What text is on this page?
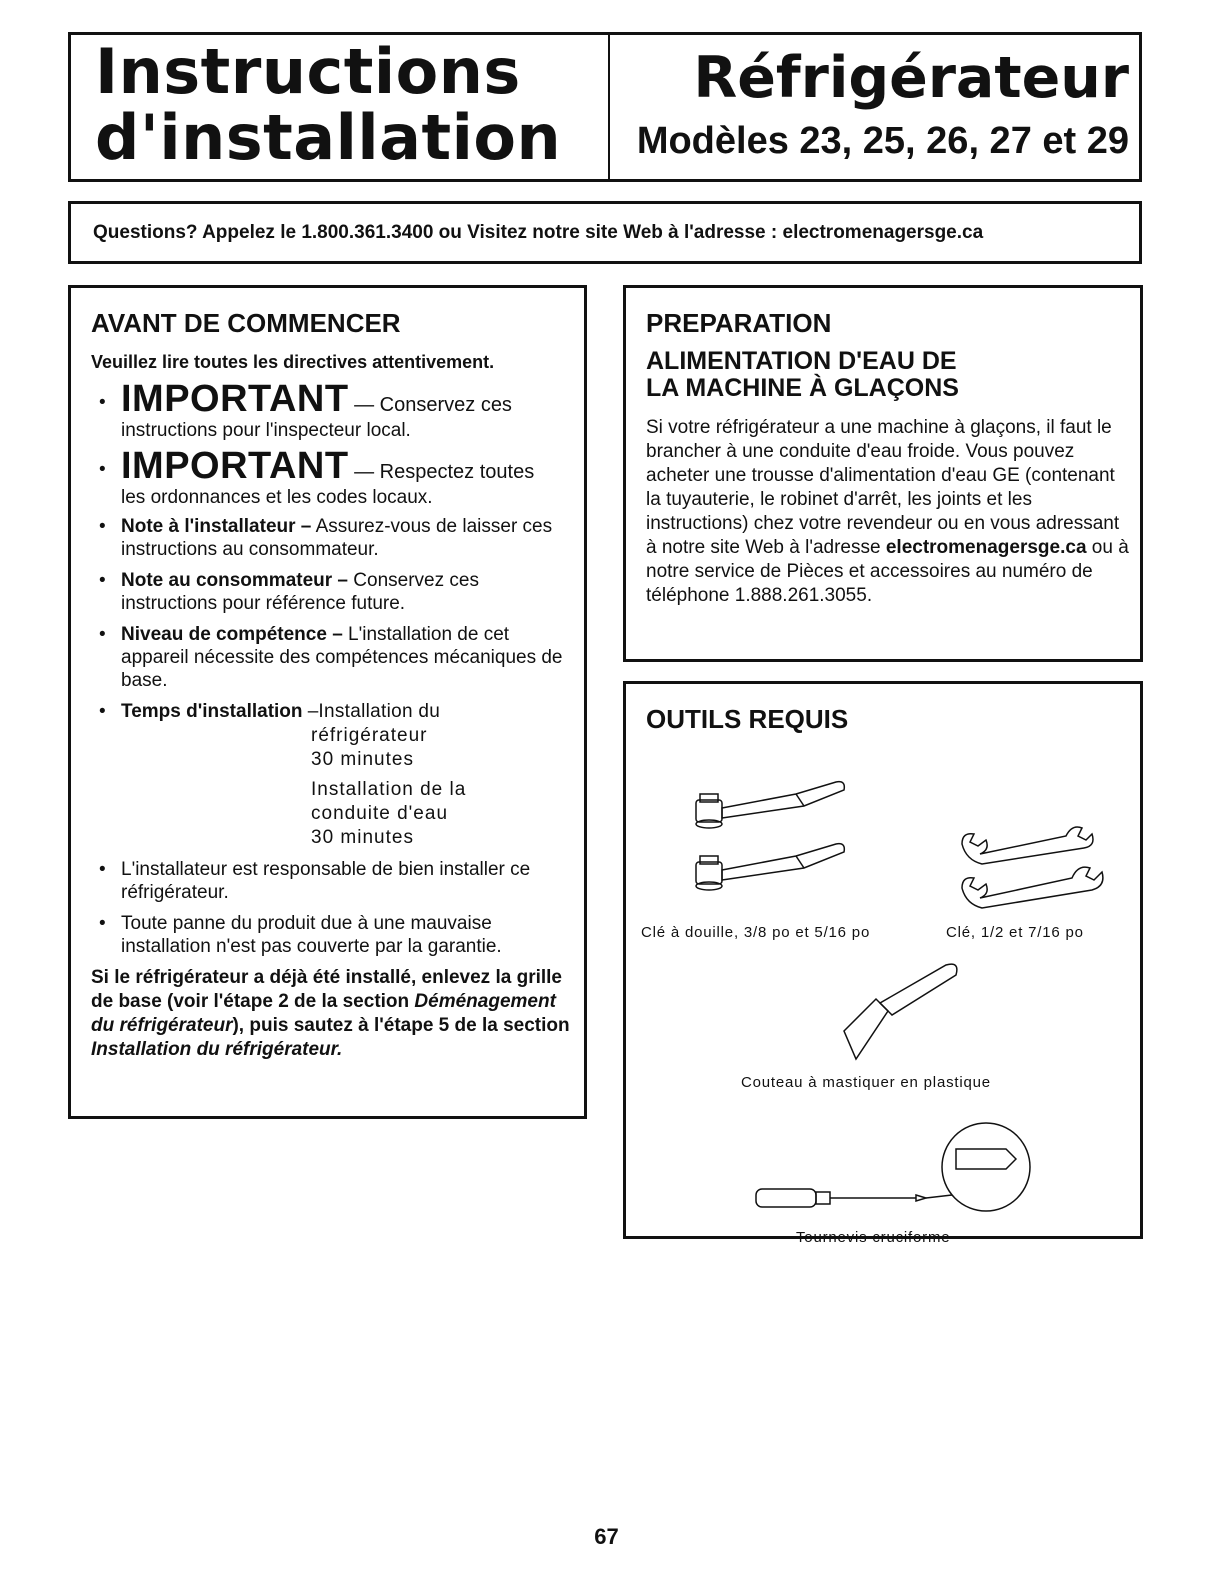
Instructions

d'installation

Réfrigérateur

Modèles 23, 25, 26, 27 et 29

Questions? Appelez le 1.800.361.3400 ou Visitez notre site Web à l'adresse : electromenagersge.ca

AVANT DE COMMENCER

Veuillez lire toutes les directives attentivement.

• IMPORTANT — Conservez ces
instructions pour l'inspecteur local.
• IMPORTANT — Respectez toutes
les ordonnances et les codes locaux.
• Note à l'installateur – Assurez-vous de laisser ces instructions au consommateur.
• Note au consommateur – Conservez ces instructions pour référence future.
• Niveau de compétence – L'installation de cet appareil nécessite des compétences mécaniques de base.
• Temps d'installation – Installation du

réfrigérateur

30 minutes

Installation de la

conduite d'eau

30 minutes

• L'installateur est responsable de bien installer ce réfrigérateur.
• Toute panne du produit due à une mauvaise installation n'est pas couverte par la garantie.

Si le réfrigérateur a déjà été installé, enlevez la grille de base (voir l'étape 2 de la section Déménagement du réfrigérateur), puis sautez à l'étape 5 de la section Installation du réfrigérateur.

PREPARATION

ALIMENTATION D'EAU DE

LA MACHINE À GLAÇONS

Si votre réfrigérateur a une machine à glaçons, il faut le brancher à une conduite d'eau froide. Vous pouvez acheter une trousse d'alimentation d'eau GE (contenant la tuyauterie, le robinet d'arrêt, les joints et les instructions) chez votre revendeur ou en vous adressant à notre site Web à l'adresse electromenagersge.ca ou à notre service de Pièces et accessoires au numéro de téléphone 1.888.261.3055.

OUTILS REQUIS

Clé à douille, 3/8 po et 5/16 po	Clé, 1/2 et 7/16 po
Couteau à mastiquer en plastique
Tournevis cruciforme
67
